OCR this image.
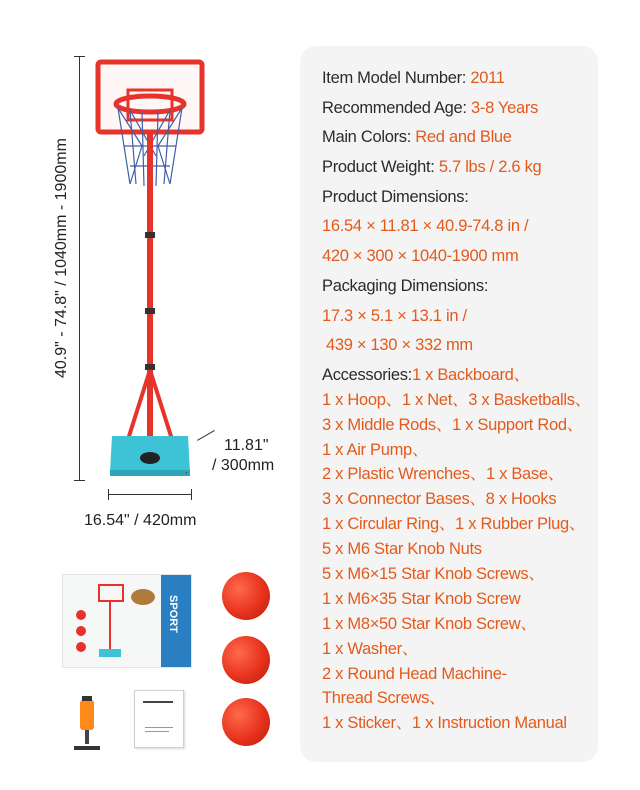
40.9" - 74.8" / 1040mm - 1900mm
11.81"
/ 300mm
16.54" / 420mm
SPORT
Item Model Number: 2011
Recommended Age: 3-8 Years
Main Colors: Red and Blue
Product Weight: 5.7 lbs / 2.6 kg
Product Dimensions:
16.54 × 11.81 × 40.9-74.8 in /
420 × 300 × 1040-1900 mm
Packaging Dimensions:
17.3 × 5.1 × 13.1 in /
439 × 130 × 332 mm
Accessories:1 x Backboard、
1 x Hoop、1 x Net、3 x Basketballs、
3 x Middle Rods、1 x Support Rod、
1 x Air Pump、
2 x Plastic Wrenches、1 x Base、
3 x Connector Bases、8 x Hooks
1 x Circular Ring、1 x Rubber Plug、
5 x M6 Star Knob Nuts
5 x M6×15 Star Knob Screws、
1 x M6×35 Star Knob Screw
1 x M8×50 Star Knob Screw、
1 x Washer、
2 x Round Head Machine-
Thread Screws、
1 x Sticker、1 x Instruction Manual
